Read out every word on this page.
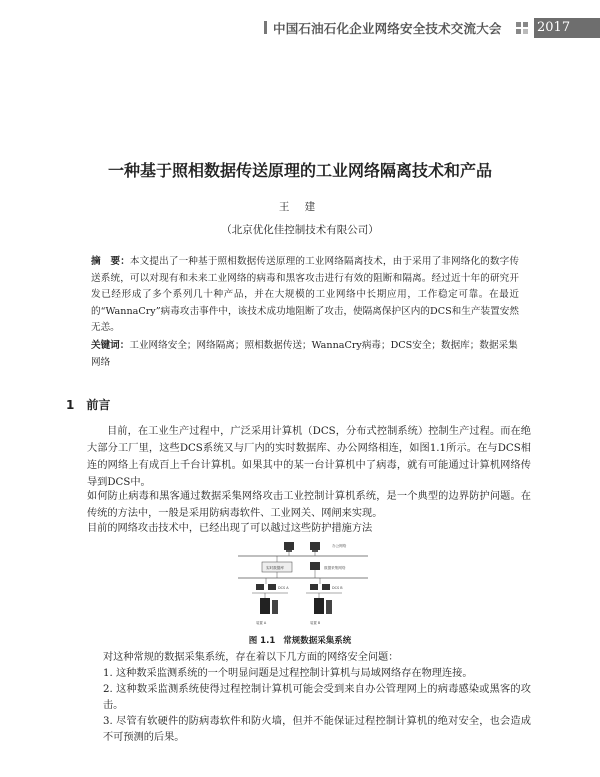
中国石油石化企业网络安全技术交流大会	2017
一种基于照相数据传送原理的工业网络隔离技术和产品
王 建
（北京优化佳控制技术有限公司）
摘　要：本文提出了一种基于照相数据传送原理的工业网络隔离技术，由于采用了非网络化的数字传送系统，可以对现有和未来工业网络的病毒和黑客攻击进行有效的阻断和隔离。经过近十年的研究开发已经形成了多个系列几十种产品，并在大规模的工业网络中长期应用，工作稳定可靠。在最近的“WannaCry”病毒攻击事件中，该技术成功地阻断了攻击，使隔离保护区内的DCS和生产装置安然无恙。
关键词：工业网络安全；网络隔离；照相数据传送；WannaCry病毒；DCS安全；数据库；数据采集网络
1 前言
目前，在工业生产过程中，广泛采用计算机（DCS，分布式控制系统）控制生产过程。而在绝大部分工厂里，这些DCS系统又与厂内的实时数据库、办公网络相连，如图1.1所示。在与DCS相连的网络上有成百上千台计算机。如果其中的某一台计算机中了病毒，就有可能通过计算机网络传导到DCS中。
如何防止病毒和黑客通过数据采集网络攻击工业控制计算机系统，是一个典型的边界防护问题。在传统的方法中，一般是采用防病毒软件、工业网关、网闸来实现。
目前的网络攻击技术中，已经出现了可以越过这些防护措施方法
办公网络
实时数据库	数据采集网络
DCS A	DCS B
装置 A	装置 B
图 1.1 常规数据采集系统
对这种常规的数据采集系统，存在着以下几方面的网络安全问题：
1. 这种数采监测系统的一个明显问题是过程控制计算机与局域网络存在物理连接。
2. 这种数采监测系统使得过程控制计算机可能会受到来自办公管理网上的病毒感染或黑客的攻击。
3. 尽管有软硬件的防病毒软件和防火墙，但并不能保证过程控制计算机的绝对安全，也会造成不可预测的后果。
